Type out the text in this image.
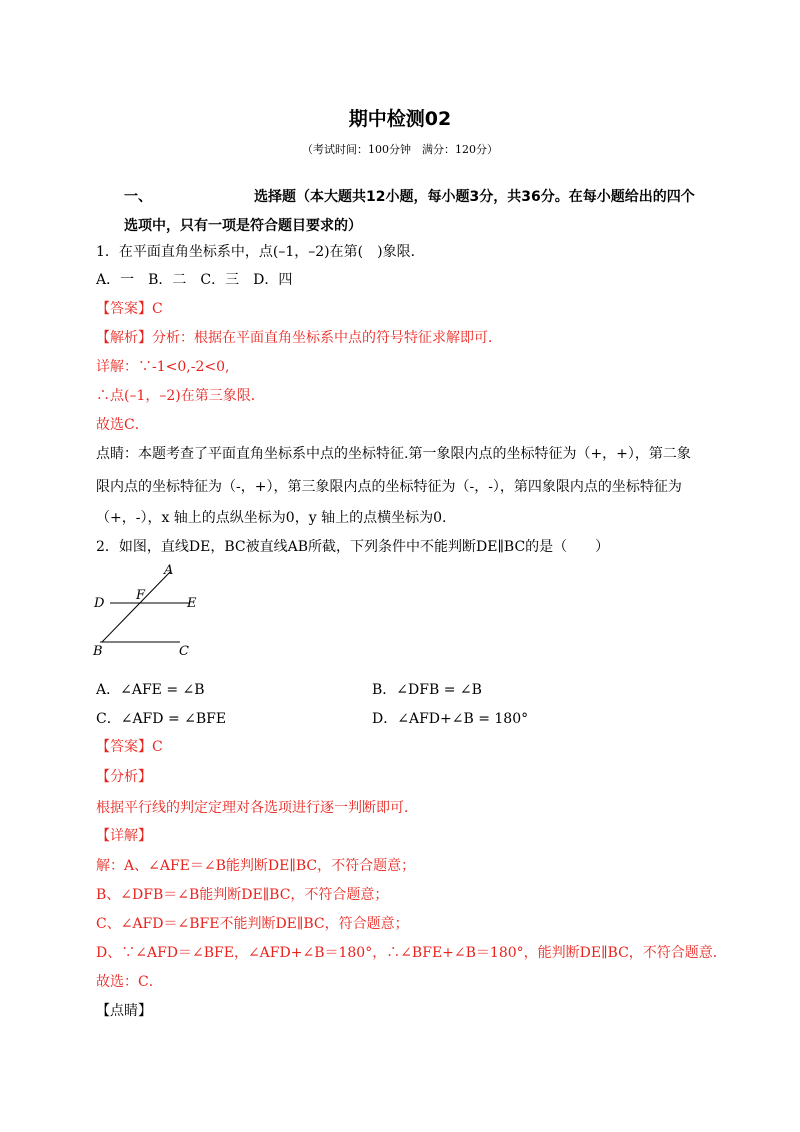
期中检测02
（考试时间：100分钟　满分：120分）
一、	选择题（本大题共12小题，每小题3分，共36分。在每小题给出的四个
选项中，只有一项是符合题目要求的）
1．在平面直角坐标系中，点(–1，–2)在第(　)象限．
A．一　B．二　C．三　D．四
【答案】C
【解析】分析：根据在平面直角坐标系中点的符号特征求解即可．
详解：∵-1<0,-2<0,
∴点(–1，–2)在第三象限．
故选C．
点睛：本题考查了平面直角坐标系中点的坐标特征.第一象限内点的坐标特征为（+，+），第二象
限内点的坐标特征为（-，+），第三象限内点的坐标特征为（-，-），第四象限内点的坐标特征为
（+，-），x 轴上的点纵坐标为0，y 轴上的点横坐标为0.
2．如图，直线DE，BC被直线AB所截，下列条件中不能判断DE∥BC的是（　　）
A
D
F
E
B	C
A．∠AFE = ∠B	B．∠DFB = ∠B
C．∠AFD = ∠BFE	D．∠AFD+∠B = 180°
【答案】C
【分析】
根据平行线的判定定理对各选项进行逐一判断即可．
【详解】
解：A、∠AFE＝∠B能判断DE∥BC，不符合题意；
B、∠DFB＝∠B能判断DE∥BC，不符合题意；
C、∠AFD＝∠BFE不能判断DE∥BC，符合题意；
D、∵∠AFD＝∠BFE，∠AFD+∠B＝180°，∴∠BFE+∠B＝180°，能判断DE∥BC，不符合题意．
故选：C．
【点睛】
